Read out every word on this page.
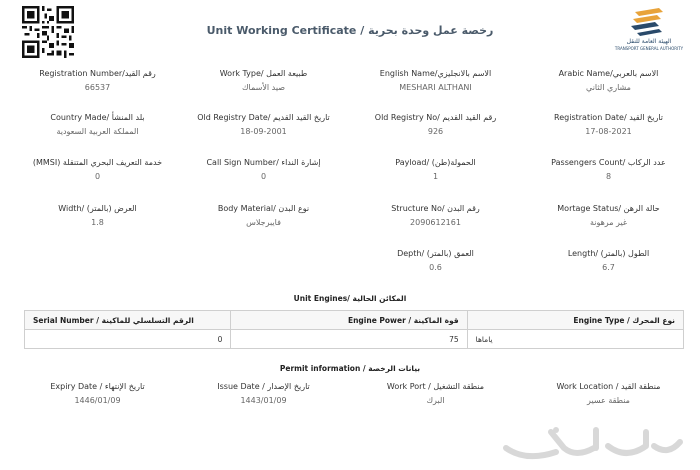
Unit Working Certificate / رخصة عمل وحدة بحرية
الهيئة العامة للنقل
TRANSPORT GENERAL AUTHORITY
Arabic Name/الاسم بالعربي
مشاري الثاني
English Name/الاسم بالانجليزي
MESHARI ALTHANI
Work Type/ طبيعة العمل
صيد الأسماك
Registration Number/رقم القيد
66537
Registration Date/ تاريخ القيد
17-08-2021
Old Registry No/ رقم القيد القديم
926
Old Registry Date/ تاريخ القيد القديم
18-09-2001
Country Made/ بلد المنشأ
المملكة العربية السعودية
Passengers Count/ عدد الركاب
8
Payload/ (طن)الحمولة
1
Call Sign Number/ إشارة النداء
0
(MMSI) خدمة التعريف البحري المتنقلة
0
Mortage Status/ حالة الرهن
غير مرهونة
Structure No/ رقم البدن
2090612161
Body Material/ نوع البدن
فايبرجلاس
Width/ (بالمتر) العرض
1.8
Length/ (بالمتر) الطول
6.7
Depth/ (بالمتر) العمق
0.6
Unit Engines/ المكائن الحالية
Serial Number / الرقم التسلسلي للماكينة	Engine Power / قوة الماكينة	Engine Type / نوع المحرك
0	75	ياماها
Permit information / بيانات الرخصة
Work Location / منطقة القيد
منطقة عسير
Work Port / منطقة التشغيل
البرك
Issue Date / تاريخ الإصدار
1443/01/09
Expiry Date / تاريخ الإنتهاء
1446/01/09
